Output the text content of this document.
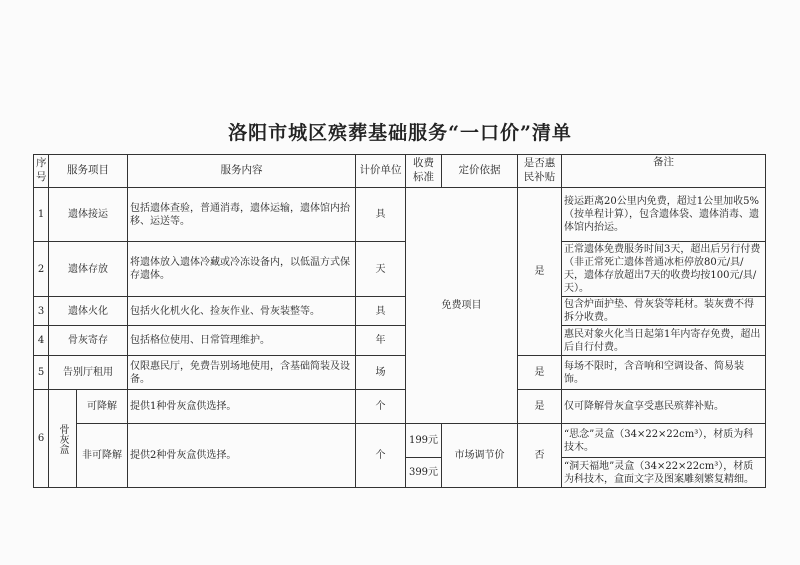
洛阳市城区殡葬基础服务“一口价”清单
序号	服务项目		服务内容	计价单位	收费标准	定价依据	是否惠民补贴	备注
1	遗体接运		包括遗体查验，普通消毒，遗体运输，遗体馆内抬移、运送等。	具	免费项目		是	接运距离20公里内免费，超过1公里加收5%（按单程计算），包含遗体袋、遗体消毒、遗体馆内抬运。
2	遗体存放		将遗体放入遗体冷藏或冷冻设备内，以低温方式保存遗体。	天				正常遗体免费服务时间3天，超出后另行付费（非正常死亡遗体普通冰柜停放80元/具/天，遗体存放超出7天的收费均按100元/具/天）。
3	遗体火化		包括火化机火化、捡灰作业、骨灰装整等。	具				包含炉面护垫、骨灰袋等耗材。装灰费不得拆分收费。
4	骨灰寄存		包括格位使用、日常管理维护。	年				惠民对象火化当日起第1年内寄存免费，超出后自行付费。
5	告别厅租用		仅限惠民厅，免费告别场地使用，含基础简装及设备。	场			是	每场不限时，含音响和空调设备、简易装饰。
6	骨灰盒	可降解	提供1种骨灰盒供选择。	个			是	仅可降解骨灰盒享受惠民殡葬补贴。
		非可降解	提供2种骨灰盒供选择。	个	199元	市场调节价	否	“思念”灵盒（34×22×22cm³），材质为科技木。
					399元			“洞天福地”灵盒（34×22×22cm³），材质为科技木，盒面文字及图案雕刻繁复精细。
